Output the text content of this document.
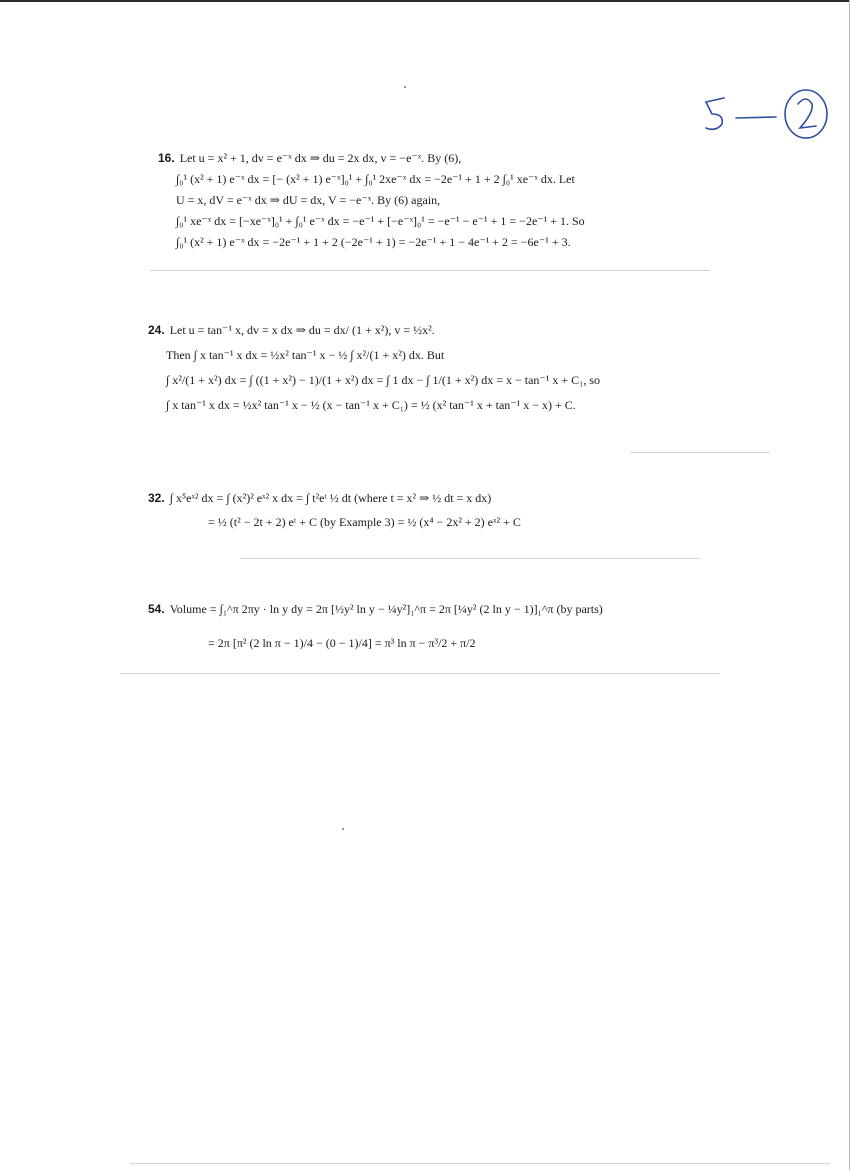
16. Let u = x² + 1, dv = e⁻ˣ dx ⇒ du = 2x dx, v = −e⁻ˣ. By (6),
∫₀¹ (x² + 1) e⁻ˣ dx = [− (x² + 1) e⁻ˣ]₀¹ + ∫₀¹ 2xe⁻ˣ dx = −2e⁻¹ + 1 + 2 ∫₀¹ xe⁻ˣ dx. Let
U = x, dV = e⁻ˣ dx ⇒ dU = dx, V = −e⁻ˣ. By (6) again,
∫₀¹ xe⁻ˣ dx = [−xe⁻ˣ]₀¹ + ∫₀¹ e⁻ˣ dx = −e⁻¹ + [−e⁻ˣ]₀¹ = −e⁻¹ − e⁻¹ + 1 = −2e⁻¹ + 1. So
∫₀¹ (x² + 1) e⁻ˣ dx = −2e⁻¹ + 1 + 2 (−2e⁻¹ + 1) = −2e⁻¹ + 1 − 4e⁻¹ + 2 = −6e⁻¹ + 3.
24. Let u = tan⁻¹ x, dv = x dx ⇒ du = dx/ (1 + x²), v = ½x².
Then ∫ x tan⁻¹ x dx = ½x² tan⁻¹ x − ½ ∫ x²/(1 + x²) dx. But
∫ x²/(1 + x²) dx = ∫ ((1 + x²) − 1)/(1 + x²) dx = ∫ 1 dx − ∫ 1/(1 + x²) dx = x − tan⁻¹ x + C₁, so
∫ x tan⁻¹ x dx = ½x² tan⁻¹ x − ½ (x − tan⁻¹ x + C₁) = ½ (x² tan⁻¹ x + tan⁻¹ x − x) + C.
32. ∫ x⁵eˣ² dx = ∫ (x²)² eˣ² x dx = ∫ t²eᵗ ½ dt (where t = x² ⇒ ½ dt = x dx)
= ½ (t² − 2t + 2) eᵗ + C (by Example 3) = ½ (x⁴ − 2x² + 2) eˣ² + C
54. Volume = ∫₁^π 2πy · ln y dy = 2π [½y² ln y − ¼y²]₁^π = 2π [¼y² (2 ln y − 1)]₁^π (by parts)
= 2π [π² (2 ln π − 1)/4 − (0 − 1)/4] = π³ ln π − π³/2 + π/2
